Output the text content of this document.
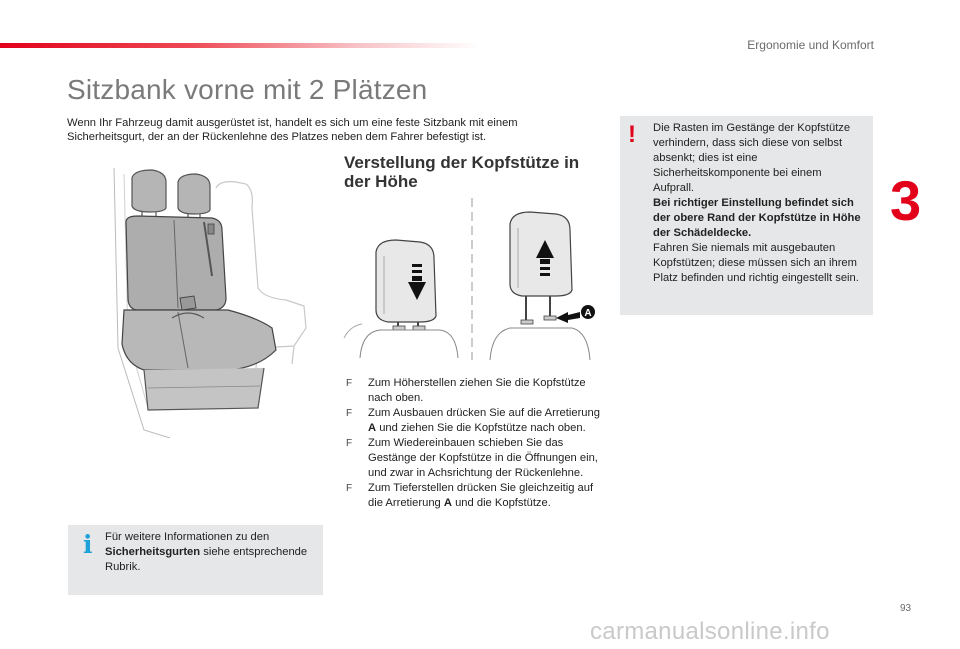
Ergonomie und Komfort
Sitzbank vorne mit 2 Plätzen

Wenn Ihr Fahrzeug damit ausgerüstet ist, handelt es sich um eine feste Sitzbank mit einem Sicherheitsgurt, der an der Rückenlehne des Platzes neben dem Fahrer befestigt ist.

3
Verstellung der Kopfstütze in der Höhe
A
F Zum Höherstellen ziehen Sie die Kopfstütze nach oben.
F Zum Ausbauen drücken Sie auf die Arretierung A und ziehen Sie die Kopfstütze nach oben.
F Zum Wiedereinbauen schieben Sie das Gestänge der Kopfstütze in die Öffnungen ein, und zwar in Achsrichtung der Rückenlehne.
F Zum Tieferstellen drücken Sie gleichzeitig auf die Arretierung A und die Kopfstütze.
! Die Rasten im Gestänge der Kopfstütze verhindern, dass sich diese von selbst absenkt; dies ist eine Sicherheitskomponente bei einem Aufprall.
Bei richtiger Einstellung befindet sich der obere Rand der Kopfstütze in Höhe der Schädeldecke.
Fahren Sie niemals mit ausgebauten Kopfstützen; diese müssen sich an ihrem Platz befinden und richtig eingestellt sein.

i Für weitere Informationen zu den Sicherheitsgurten siehe entsprechende Rubrik.

93
carmanualsonline.info
